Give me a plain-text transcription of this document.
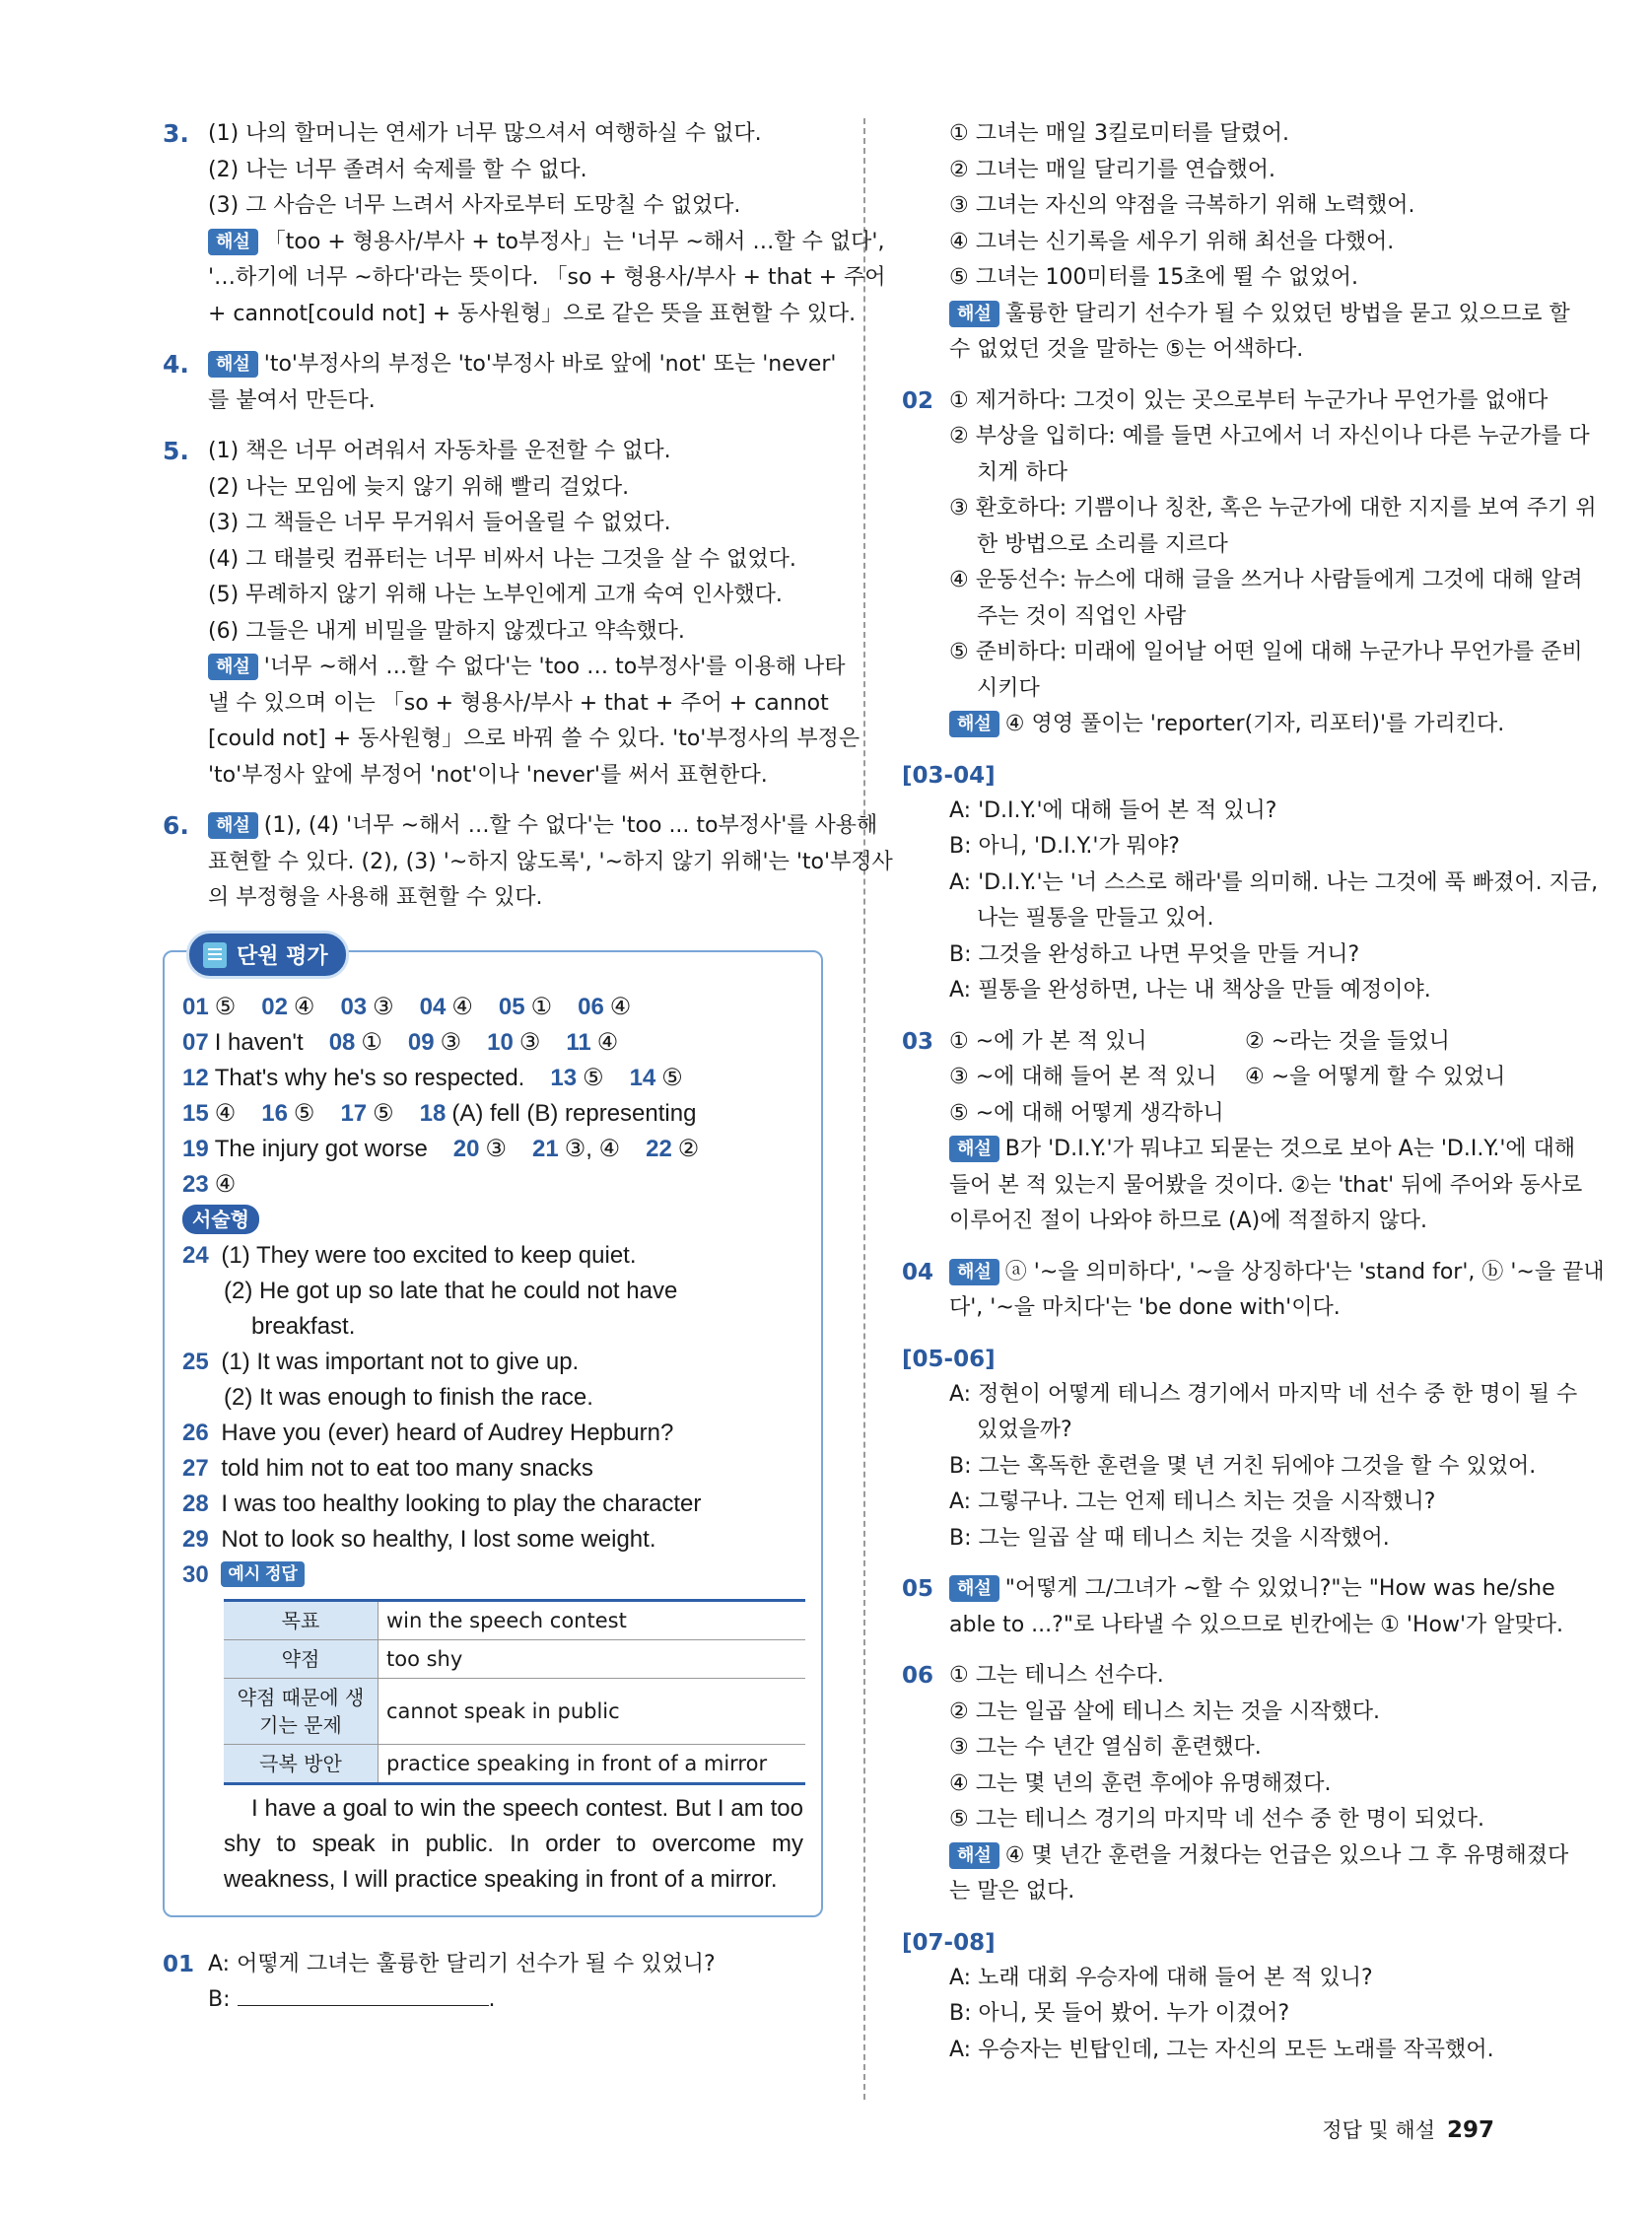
3. (1) 나의 할머니는 연세가 너무 많으셔서 여행하실 수 없다.
(2) 나는 너무 졸려서 숙제를 할 수 없다.
(3) 그 사슴은 너무 느려서 사자로부터 도망칠 수 없었다.
해설 「too + 형용사/부사 + to부정사」는 '너무 ~해서 …할 수 없다',
'…하기에 너무 ~하다'라는 뜻이다. 「so + 형용사/부사 + that + 주어
+ cannot[could not] + 동사원형」으로 같은 뜻을 표현할 수 있다.
4.	해설 'to'부정사의 부정은 'to'부정사 바로 앞에 'not' 또는 'never'
를 붙여서 만든다.
5. (1) 책은 너무 어려워서 자동차를 운전할 수 없다.
(2) 나는 모임에 늦지 않기 위해 빨리 걸었다.
(3) 그 책들은 너무 무거워서 들어올릴 수 없었다.
(4) 그 태블릿 컴퓨터는 너무 비싸서 나는 그것을 살 수 없었다.
(5) 무례하지 않기 위해 나는 노부인에게 고개 숙여 인사했다.
(6) 그들은 내게 비밀을 말하지 않겠다고 약속했다.
해설 '너무 ~해서 …할 수 없다'는 'too … to부정사'를 이용해 나타
낼 수 있으며 이는 「so + 형용사/부사 + that + 주어 + cannot
[could not] + 동사원형」으로 바꿔 쓸 수 있다. 'to'부정사의 부정은
'to'부정사 앞에 부정어 'not'이나 'never'를 써서 표현한다.
6.	해설 (1), (4) '너무 ~해서 …할 수 없다'는 'too ... to부정사'를 사용해
표현할 수 있다. (2), (3) '~하지 않도록', '~하지 않기 위해'는 'to'부정사
의 부정형을 사용해 표현할 수 있다.
단원 평가
01 ⑤ 02 ④ 03 ③ 04 ④ 05 ① 06 ④
07 I haven't 08 ① 09 ③ 10 ③ 11 ④
12 That's why he's so respected. 13 ⑤ 14 ⑤
15 ④ 16 ⑤ 17 ⑤ 18 (A) fell (B) representing
19 The injury got worse 20 ③ 21 ③, ④ 22 ②
23 ④
서술형
24 (1) They were too excited to keep quiet.
(2) He got up so late that he could not have
breakfast.
25 (1) It was important not to give up.
(2) It was enough to finish the race.
26 Have you (ever) heard of Audrey Hepburn?
27 told him not to eat too many snacks
28 I was too healthy looking to play the character
29 Not to look so healthy, I lost some weight.
30 예시 정답
목표	win the speech contest
약점	too shy
약점 때문에 생기는 문제	cannot speak in public
극복 방안	practice speaking in front of a mirror
I have a goal to win the speech contest. But I am too shy to speak in public. In order to overcome my weakness, I will practice speaking in front of a mirror.
01 A: 어떻게 그녀는 훌륭한 달리기 선수가 될 수 있었니?
B:	.
① 그녀는 매일 3킬로미터를 달렸어.
② 그녀는 매일 달리기를 연습했어.
③ 그녀는 자신의 약점을 극복하기 위해 노력했어.
④ 그녀는 신기록을 세우기 위해 최선을 다했어.
⑤ 그녀는 100미터를 15초에 뛸 수 없었어.
해설 훌륭한 달리기 선수가 될 수 있었던 방법을 묻고 있으므로 할
수 없었던 것을 말하는 ⑤는 어색하다.
02 ① 제거하다: 그것이 있는 곳으로부터 누군가나 무언가를 없애다
② 부상을 입히다: 예를 들면 사고에서 너 자신이나 다른 누군가를 다
치게 하다
③ 환호하다: 기쁨이나 칭찬, 혹은 누군가에 대한 지지를 보여 주기 위
한 방법으로 소리를 지르다
④ 운동선수: 뉴스에 대해 글을 쓰거나 사람들에게 그것에 대해 알려
주는 것이 직업인 사람
⑤ 준비하다: 미래에 일어날 어떤 일에 대해 누군가나 무언가를 준비
시키다
해설 ④ 영영 풀이는 'reporter(기자, 리포터)'를 가리킨다.
[03-04]
A: 'D.I.Y.'에 대해 들어 본 적 있니?
B: 아니, 'D.I.Y.'가 뭐야?
A: 'D.I.Y.'는 '너 스스로 해라'를 의미해. 나는 그것에 푹 빠졌어. 지금,
나는 필통을 만들고 있어.
B: 그것을 완성하고 나면 무엇을 만들 거니?
A: 필통을 완성하면, 나는 내 책상을 만들 예정이야.
03 ① ~에 가 본 적 있니	② ~라는 것을 들었니
③ ~에 대해 들어 본 적 있니 ④ ~을 어떻게 할 수 있었니
⑤ ~에 대해 어떻게 생각하니
해설 B가 'D.I.Y.'가 뭐냐고 되묻는 것으로 보아 A는 'D.I.Y.'에 대해
들어 본 적 있는지 물어봤을 것이다. ②는 'that' 뒤에 주어와 동사로
이루어진 절이 나와야 하므로 (A)에 적절하지 않다.
04	해설 ⓐ '~을 의미하다', '~을 상징하다'는 'stand for', ⓑ '~을 끝내
다', '~을 마치다'는 'be done with'이다.
[05-06]
A: 정현이 어떻게 테니스 경기에서 마지막 네 선수 중 한 명이 될 수
있었을까?
B: 그는 혹독한 훈련을 몇 년 거친 뒤에야 그것을 할 수 있었어.
A: 그렇구나. 그는 언제 테니스 치는 것을 시작했니?
B: 그는 일곱 살 때 테니스 치는 것을 시작했어.
05	해설 "어떻게 그/그녀가 ~할 수 있었니?"는 "How was he/she
able to ...?"로 나타낼 수 있으므로 빈칸에는 ① 'How'가 알맞다.
06 ① 그는 테니스 선수다.
② 그는 일곱 살에 테니스 치는 것을 시작했다.
③ 그는 수 년간 열심히 훈련했다.
④ 그는 몇 년의 훈련 후에야 유명해졌다.
⑤ 그는 테니스 경기의 마지막 네 선수 중 한 명이 되었다.
해설 ④ 몇 년간 훈련을 거쳤다는 언급은 있으나 그 후 유명해졌다
는 말은 없다.
[07-08]
A: 노래 대회 우승자에 대해 들어 본 적 있니?
B: 아니, 못 들어 봤어. 누가 이겼어?
A: 우승자는 빈탑인데, 그는 자신의 모든 노래를 작곡했어.
정답 및 해설 297
